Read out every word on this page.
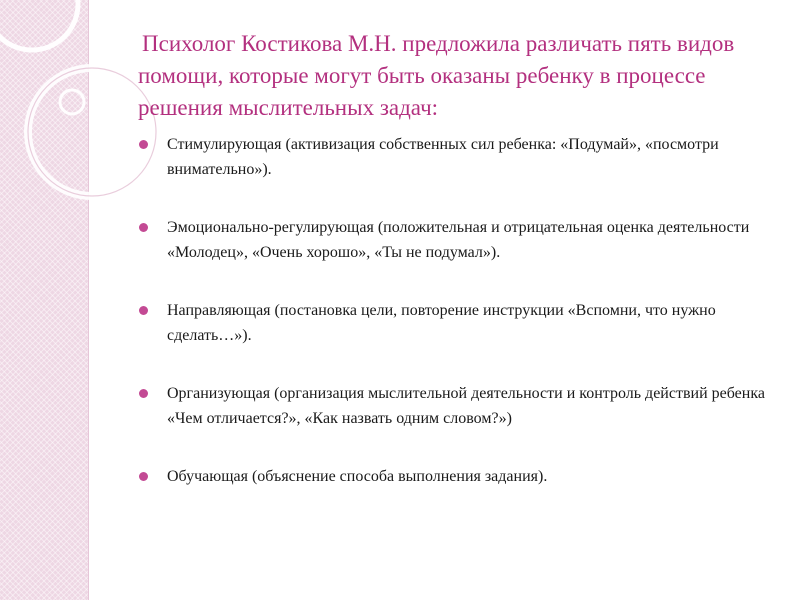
Психолог Костикова М.Н. предложила различать пять видов помощи, которые могут быть оказаны ребенку в процессе решения мыслительных задач:
Стимулирующая (активизация собственных сил ребенка: «Подумай», «посмотри внимательно»).
Эмоционально-регулирующая (положительная и отрицательная оценка деятельности «Молодец», «Очень хорошо», «Ты не подумал»).
Направляющая (постановка цели, повторение инструкции «Вспомни, что нужно сделать…»).
Организующая (организация мыслительной деятельности и контроль действий ребенка «Чем отличается?», «Как назвать одним словом?»)
Обучающая (объяснение способа выполнения задания).
